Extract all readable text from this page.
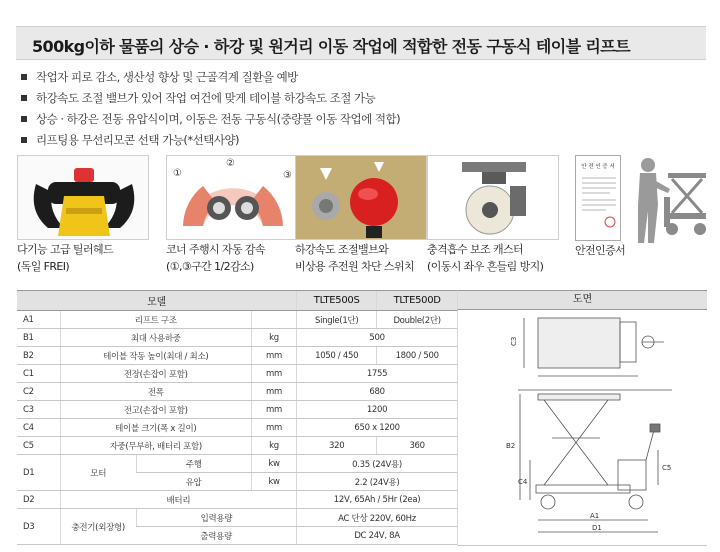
500kg이하 물품의 상승 · 하강 및 원거리 이동 작업에 적합한 전동 구동식 테이블 리프트
작업자 피로 감소, 생산성 향상 및 근골격계 질환을 예방
하강속도 조절 밸브가 있어 작업 여건에 맞게 테이블 하강속도 조절 가능
상승 · 하강은 전동 유압식이며, 이동은 전동 구동식(중량물 이동 작업에 적합)
리프팅용 무선리모콘 선택 가능(*선택사양)
다기능 고급 틸러헤드
(독일 FREI)
①
②
③
코너 주행시 자동 감속
(①,③구간 1/2감소)
하강속도 조절밸브와
비상용 주전원 차단 스위치
충격흡수 보조 캐스터
(이동시 좌우 흔들림 방지)
안 전 인 증 서
안전인증서
모델				TLTE500S	TLTE500D
A1	리프트 구조			Single(1단)	Double(2단)
B1	최대 사용하중		kg	500	
B2	테이블 작동 높이(최대 / 최소)		mm	1050 / 450	1800 / 500
C1	전장(손잡이 포함)		mm	1755	
C2	전폭		mm	680	
C3	전고(손잡이 포함)		mm	1200	
C4	테이블 크기(폭 x 길이)		mm	650 x 1200	
C5	자중(무부하, 배터리 포함)		kg	320	360
D1	모터	주행	kw	0.35 (24V용)	
		유압	kw	2.2 (24V용)	
D2	배터리			12V, 65Ah / 5Hr (2ea)	
D3	충전기(외장형)	입력용량		AC 단상 220V, 60Hz	
		출력용량		DC 24V, 8A	
도면
C3
B2
C4
C5
A1
D1
